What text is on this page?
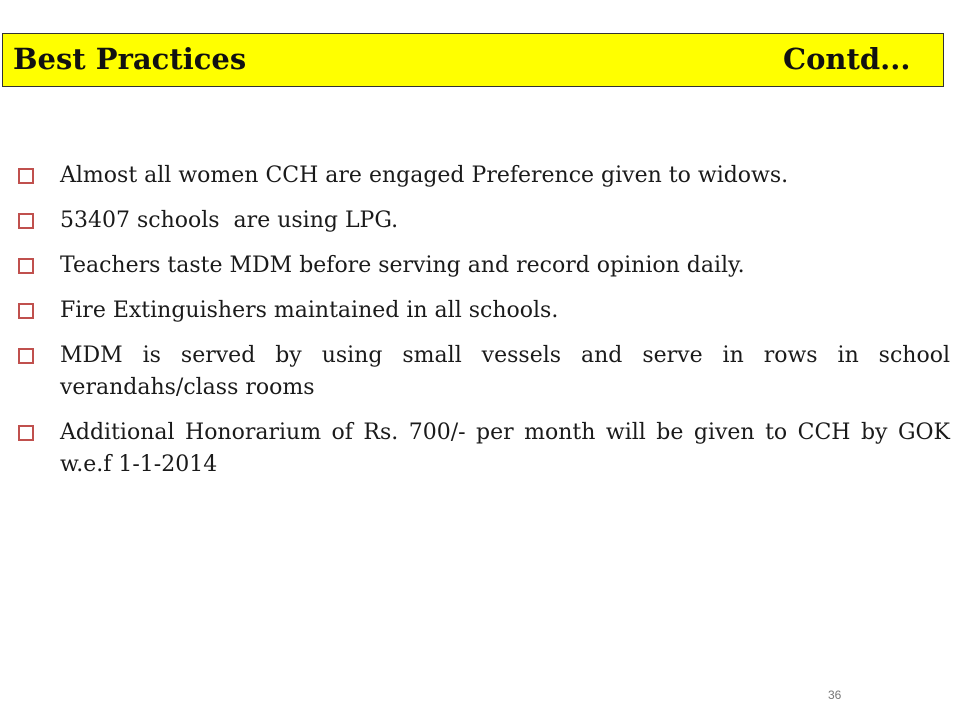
Best Practices	Contd...
Almost all women CCH are engaged Preference given to widows.
53407 schools  are using LPG.
Teachers taste MDM before serving and record opinion daily.
Fire Extinguishers maintained in all schools.
MDM is served by using small vessels and serve in rows in school verandahs/class rooms
Additional Honorarium of Rs. 700/- per month will be given to CCH by GOK w.e.f 1-1-2014
36
